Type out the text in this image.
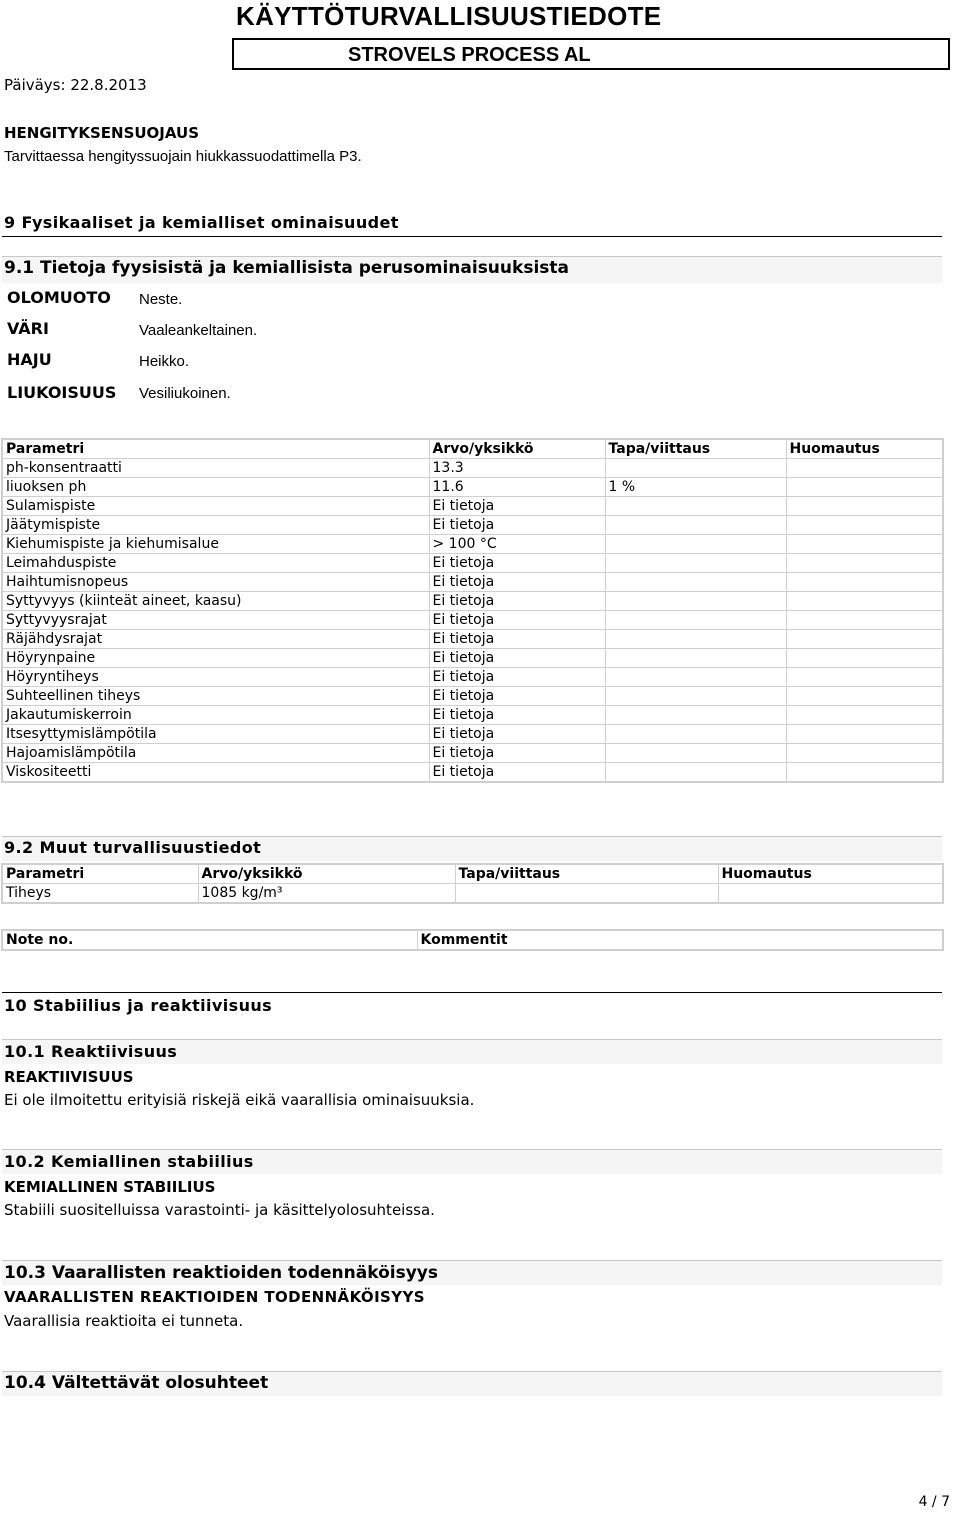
KÄYTTÖTURVALLISUUSTIEDOTE
STROVELS PROCESS AL
Päiväys: 22.8.2013
HENGITYKSENSUOJAUS
Tarvittaessa hengityssuojain hiukkassuodattimella P3.
9 Fysikaaliset ja kemialliset ominaisuudet
9.1 Tietoja fyysisistä ja kemiallisista perusominaisuuksista
OLOMUOTO Neste.
VÄRI	Vaaleankeltainen.
HAJU	Heikko.
LIUKOISUUS Vesiliukoinen.
Parametri	Arvo/yksikkö	Tapa/viittaus	Huomautus
ph-konsentraatti	13.3		
liuoksen ph	11.6	1 %	
Sulamispiste	Ei tietoja		
Jäätymispiste	Ei tietoja		
Kiehumispiste ja kiehumisalue	> 100 °C		
Leimahduspiste	Ei tietoja		
Haihtumisnopeus	Ei tietoja		
Syttyvyys (kiinteät aineet, kaasu)	Ei tietoja		
Syttyvyysrajat	Ei tietoja		
Räjähdysrajat	Ei tietoja		
Höyrynpaine	Ei tietoja		
Höyryntiheys	Ei tietoja		
Suhteellinen tiheys	Ei tietoja		
Jakautumiskerroin	Ei tietoja		
Itsesyttymislämpötila	Ei tietoja		
Hajoamislämpötila	Ei tietoja		
Viskositeetti	Ei tietoja		
9.2 Muut turvallisuustiedot
Parametri	Arvo/yksikkö	Tapa/viittaus	Huomautus
Tiheys	1085 kg/m³		
Note no.	Kommentit
10 Stabiilius ja reaktiivisuus
10.1 Reaktiivisuus
REAKTIIVISUUS
Ei ole ilmoitettu erityisiä riskejä eikä vaarallisia ominaisuuksia.
10.2 Kemiallinen stabiilius
KEMIALLINEN STABIILIUS
Stabiili suositelluissa varastointi- ja käsittelyolosuhteissa.
10.3 Vaarallisten reaktioiden todennäköisyys
VAARALLISTEN REAKTIOIDEN TODENNÄKÖISYYS
Vaarallisia reaktioita ei tunneta.
10.4 Vältettävät olosuhteet
4 / 7
